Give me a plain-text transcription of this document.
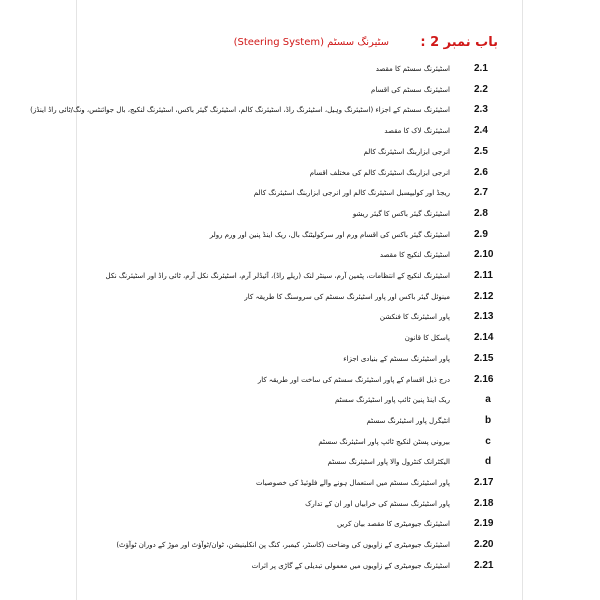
باب نمبر 2 :
سٹیرنگ سسٹم (Steering System)
اسٹیئرنگ سسٹم کا مقصد 2.1
اسٹیئرنگ سسٹم کی اقسام 2.2
اسٹیئرنگ سسٹم کے اجزاء (اسٹیئرنگ وہیل، اسٹیئرنگ راڈ، اسٹیئرنگ کالم، اسٹیئرنگ گیئر باکس، اسٹیئرنگ لنکیج، بال جوائنٹس، ونگ/ٹائی راڈ اینڈز) 2.3
اسٹیئرنگ لاک کا مقصد 2.4
انرجی ابزاربنگ اسٹیئرنگ کالم 2.5
انرجی ابزاربنگ اسٹیئرنگ کالم کی مختلف اقسام 2.6
ریجڈ اور کولیپسبل اسٹیئرنگ کالم اور انرجی ابزاربنگ اسٹیئرنگ کالم 2.7
اسٹیئرنگ گیئر باکس کا گیئر ریشو 2.8
اسٹیئرنگ گیئر باکس کی اقسام ورم اور سرکولیٹنگ بال، ریک اینڈ پنین اور ورم رولر 2.9
اسٹیئرنگ لنکیج کا مقصد 2.10
اسٹیئرنگ لنکیج کے انتظامات، پٹمین آرم، سینٹر لنک (ریلے راڈ)، آئیڈلر آرم، اسٹیئرنگ نکل آرم، ٹائی راڈ اور اسٹیئرنگ نکل 2.11
مینوئل گیئر باکس اور پاور اسٹیئرنگ سسٹم کی سروسنگ کا طریقہ کار 2.12
پاور اسٹیئرنگ کا فنکشن 2.13
پاسکل کا قانون 2.14
پاور اسٹیئرنگ سسٹم کے بنیادی اجزاء 2.15
درج ذیل اقسام کے پاور اسٹیئرنگ سسٹم کی ساخت اور طریقہ کار 2.16
ریک اینڈ پنین ٹائپ پاور اسٹیئرنگ سسٹم	a
انٹیگرل پاور اسٹیئرنگ سسٹم	b
بیرونی پسٹن لنکیج ٹائپ پاور اسٹیئرنگ سسٹم	c
الیکٹرانک کنٹرول والا پاور اسٹیئرنگ سسٹم	d
پاور اسٹیئرنگ سسٹم میں استعمال ہونے والے فلوئیڈ کی خصوصیات 2.17
پاور اسٹیئرنگ سسٹم کی خرابیاں اور ان کے تدارک 2.18
اسٹیئرنگ جیومیٹری کا مقصد بیان کریں 2.19
اسٹیئرنگ جیومیٹری کے زاویوں کی وضاحت (کاسٹر، کیمبر، کنگ پن انکلینیشن، ٹوان/ٹوآؤٹ اور موڑ کے دوران ٹوآؤٹ) 2.20
اسٹیئرنگ جیومیٹری کے زاویوں میں معمولی تبدیلی کے گاڑی پر اثرات 2.21
